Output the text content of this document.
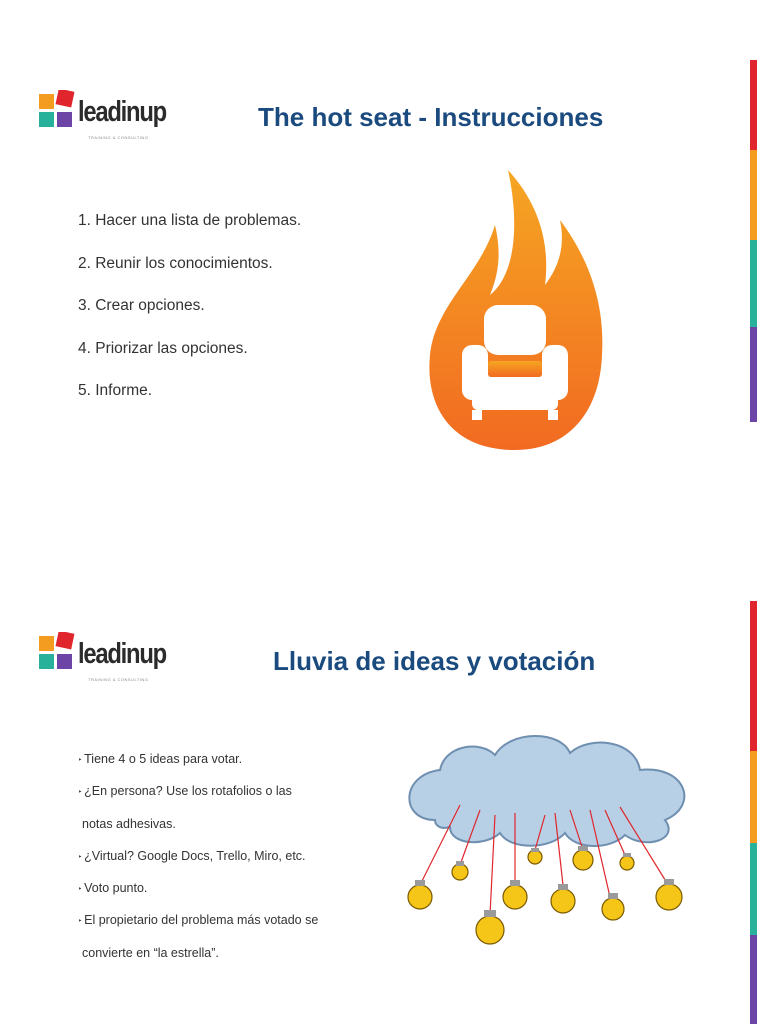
leadinup
TRAINING & CONSULTING
The hot seat - Instrucciones
1. Hacer una lista de problemas.
2. Reunir los conocimientos.
3. Crear opciones.
4. Priorizar las opciones.
5. Informe.
leadinup
TRAINING & CONSULTING
Lluvia de ideas y votación
‣ Tiene 4 o 5 ideas para votar.
‣ ¿En persona? Use los rotafolios o las
notas adhesivas.
‣ ¿Virtual? Google Docs, Trello, Miro, etc.
‣ Voto punto.
‣ El propietario del problema más votado se
convierte en “la estrella”.
